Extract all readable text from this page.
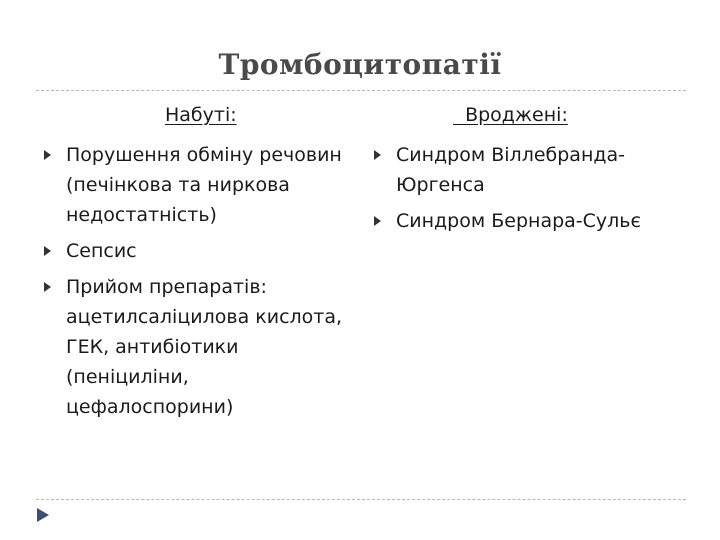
Тромбоцитопатії
Набуті:	Вроджені:
Порушення обміну речовин (печінкова та ниркова недостатність)
Сепсис
Прийом препаратів: ацетилсаліцилова кислота, ГЕК, антибіотики (пеніциліни, цефалоспорини)
Синдром Віллебранда-Юргенса
Синдром Бернара-Сульє
